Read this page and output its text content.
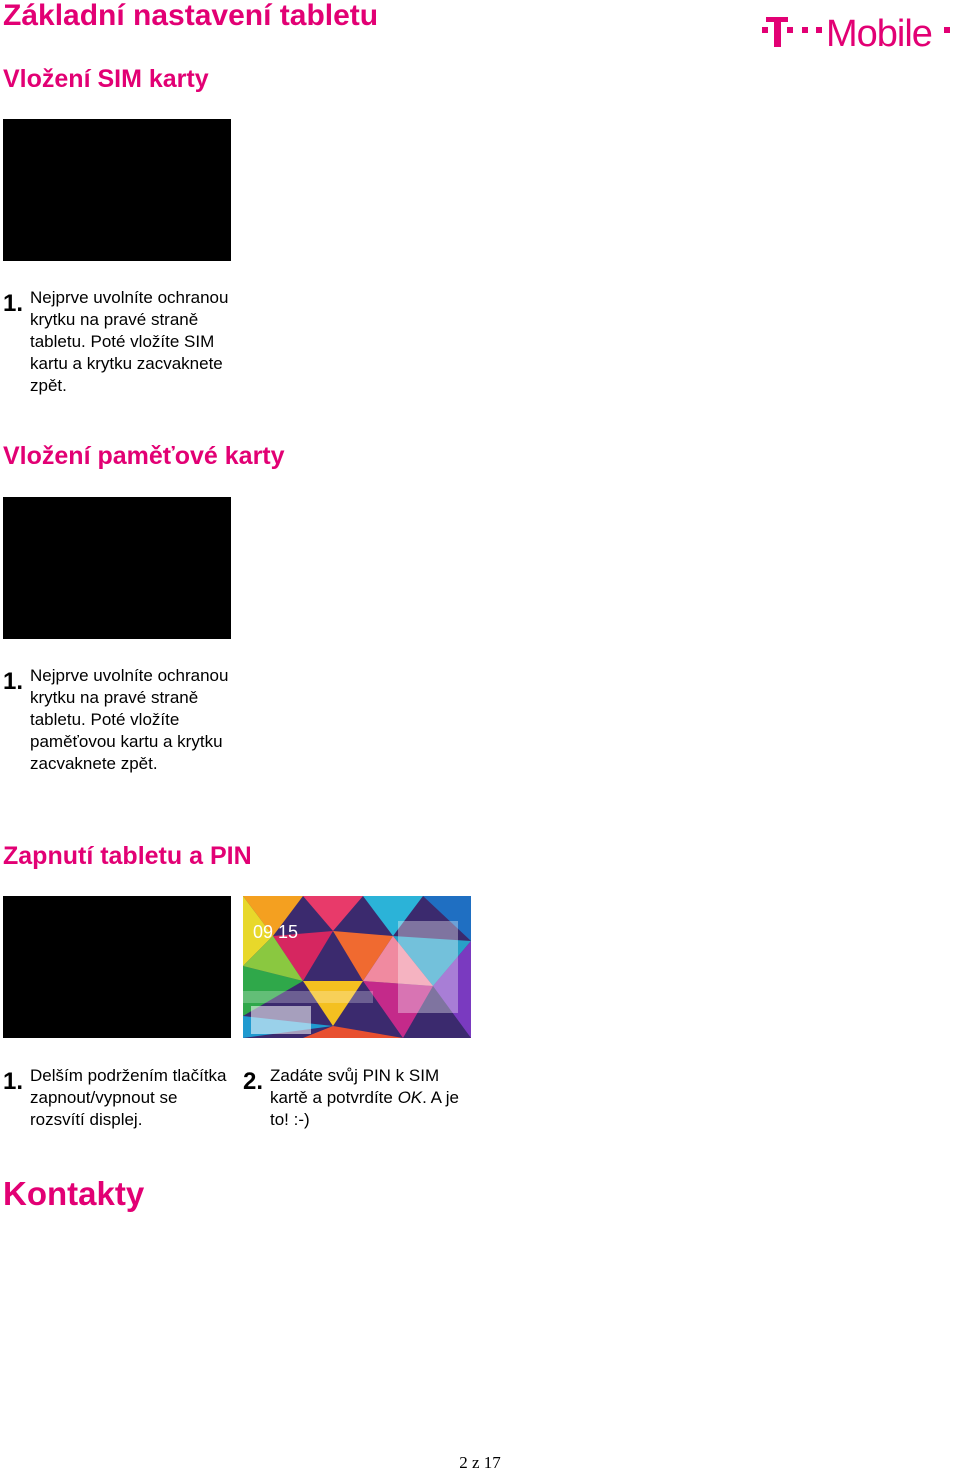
Základní nastavení tabletu	Mobile
Vložení SIM karty
1. Nejprve uvolníte ochranou krytku na pravé straně tabletu. Poté vložíte SIM kartu a krytku zacvaknete zpět.
Vložení paměťové karty
1. Nejprve uvolníte ochranou krytku na pravé straně tabletu. Poté vložíte paměťovou kartu a krytku zacvaknete zpět.
Zapnutí tabletu a PIN
09 15
1. Delším podržením tlačítka zapnout/vypnout se rozsvítí displej.
2. Zadáte svůj PIN k SIM kartě a potvrdíte OK. A je to! :-)
Kontakty
2 z 17
